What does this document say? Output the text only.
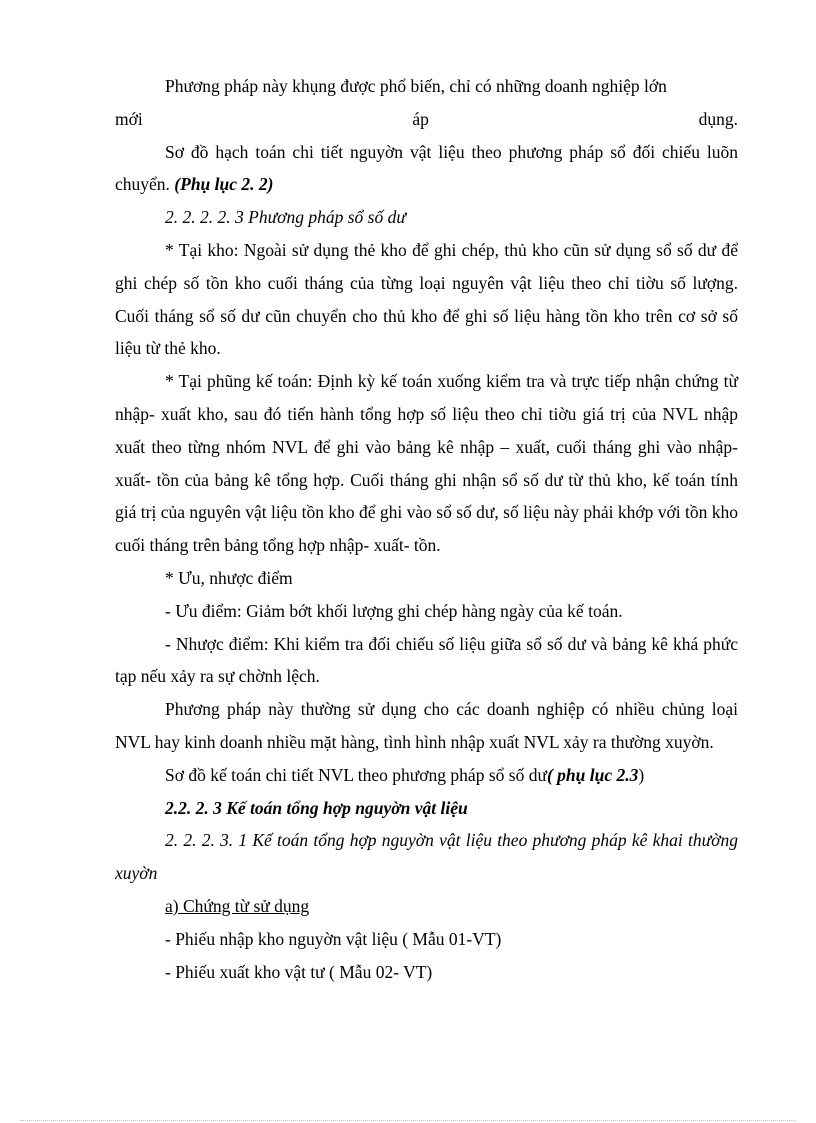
Phương pháp này khụng được phổ biến, chỉ có những doanh nghiệp lớn

mới	áp	dụng.

Sơ đồ hạch toán chi tiết nguyờn vật liệu theo phương pháp sổ đối chiếu luõn chuyển. (Phụ lục 2. 2)

2. 2. 2. 2. 3 Phương pháp sổ số dư

* Tại kho: Ngoài sử dụng thẻ kho để ghi chép, thủ kho cũn sử dụng sổ số dư để ghi chép số tồn kho cuối tháng của từng loại nguyên vật liệu theo chỉ tiờu số lượng. Cuối tháng sổ số dư cũn chuyển cho thủ kho để ghi số liệu hàng tồn kho trên cơ sở số liệu từ thẻ kho.

* Tại phũng kế toán: Định kỳ kế toán xuống kiểm tra và trực tiếp nhận chứng từ nhập- xuất kho, sau đó tiến hành tổng hợp số liệu theo chỉ tiờu giá trị của NVL nhập xuất theo từng nhóm NVL để ghi vào bảng kê nhập – xuất, cuối tháng ghi vào nhập- xuất- tồn của bảng kê tổng hợp. Cuối tháng ghi nhận sổ số dư từ thủ kho, kế toán tính giá trị của nguyên vật liệu tồn kho để ghi vào sổ số dư, số liệu này phải khớp với tồn kho cuối tháng trên bảng tổng hợp nhập- xuất- tồn.

* Ưu, nhược điểm

- Ưu điểm: Giảm bớt khối lượng ghi chép hàng ngày của kế toán.

- Nhược điểm: Khi kiểm tra đối chiếu số liệu giữa sổ số dư và bảng kê khá phức tạp nếu xảy ra sự chờnh lệch.

Phương pháp này thường sử dụng cho các doanh nghiệp có nhiều chủng loại NVL hay kinh doanh nhiều mặt hàng, tình hình nhập xuất NVL xảy ra thường xuyờn.

Sơ đồ kế toán chi tiết NVL theo phương pháp sổ số dư( phụ lục 2.3)

2.2. 2. 3 Kế toán tổng hợp nguyờn vật liệu

2. 2. 2. 3. 1 Kế toán tổng hợp nguyờn vật liệu theo phương pháp kê khai thường xuyờn

a) Chứng từ sử dụng

- Phiếu nhập kho nguyờn vật liệu ( Mẫu 01-VT)

- Phiếu xuất kho vật tư ( Mẫu 02- VT)
